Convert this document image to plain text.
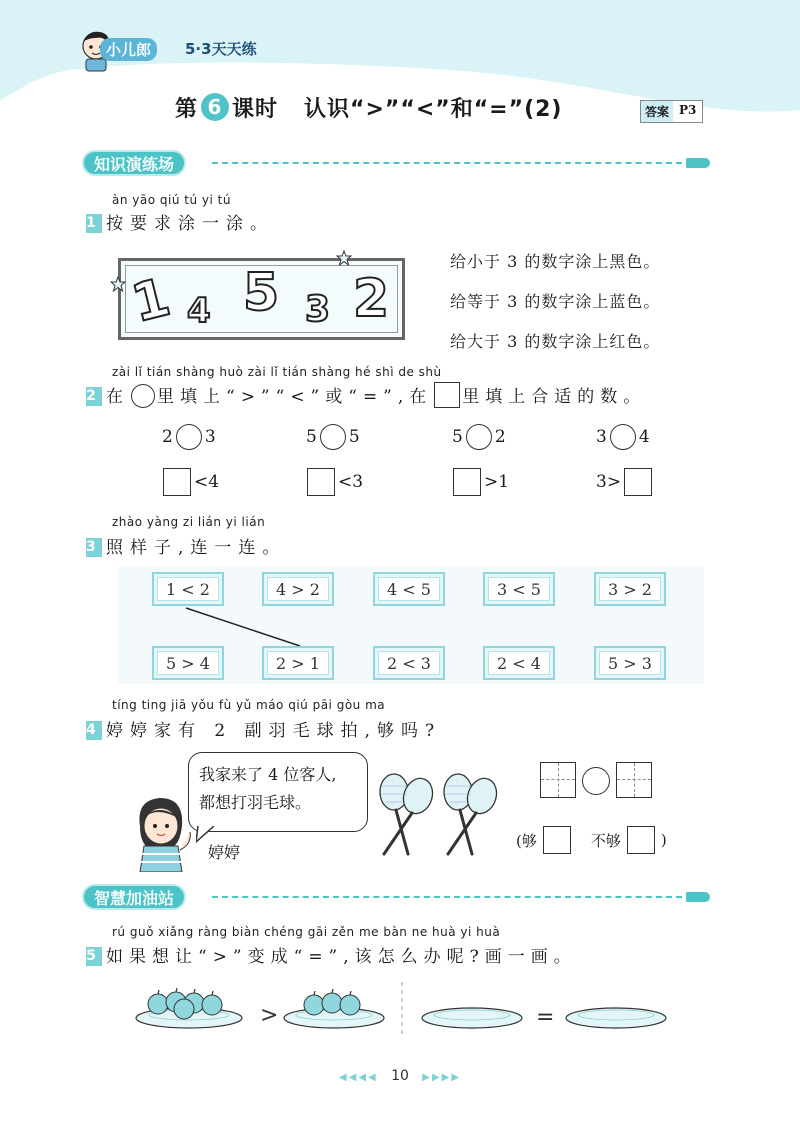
小儿郎	5·3天天练
第 6 课时 认识“>”“<”和“=”(2)	答案 P3
知识演练场
àn yāo qiú tú yi tú
1 按要求涂一涂。
1 4 5 3 2
给小于 3 的数字涂上黑色。
给等于 3 的数字涂上蓝色。
给大于 3 的数字涂上红色。
zài lǐ tián shàng huò zài lǐ tián shàng hé shì de shù
2 在 里填上“>”“<”或“=”,在 里填上合适的数。
2 3	5 5	5 2	3 4
< 4	< 3	> 1	3 >
zhào yàng zi lián yi lián
3 照样子,连一连。
1 < 2	4 > 2	4 < 5	3 < 5	3 > 2
5 > 4	2 > 1	2 < 3	2 < 4	5 > 3
tíng ting jiā yǒu fù yǔ máo qiú pāi gòu ma
4 婷婷家有 2 副羽毛球拍,够吗?
我家来了 4 位客人,
都想打羽毛球。
婷婷
(够	不够	)
智慧加油站
rú guǒ xiǎng ràng biàn chéng gāi zěn me bàn ne huà yi huà
5 如果想让“>”变成“=”,该怎么办呢?画一画。
>	=
◀◀◀◀ 10 ▶▶▶▶
